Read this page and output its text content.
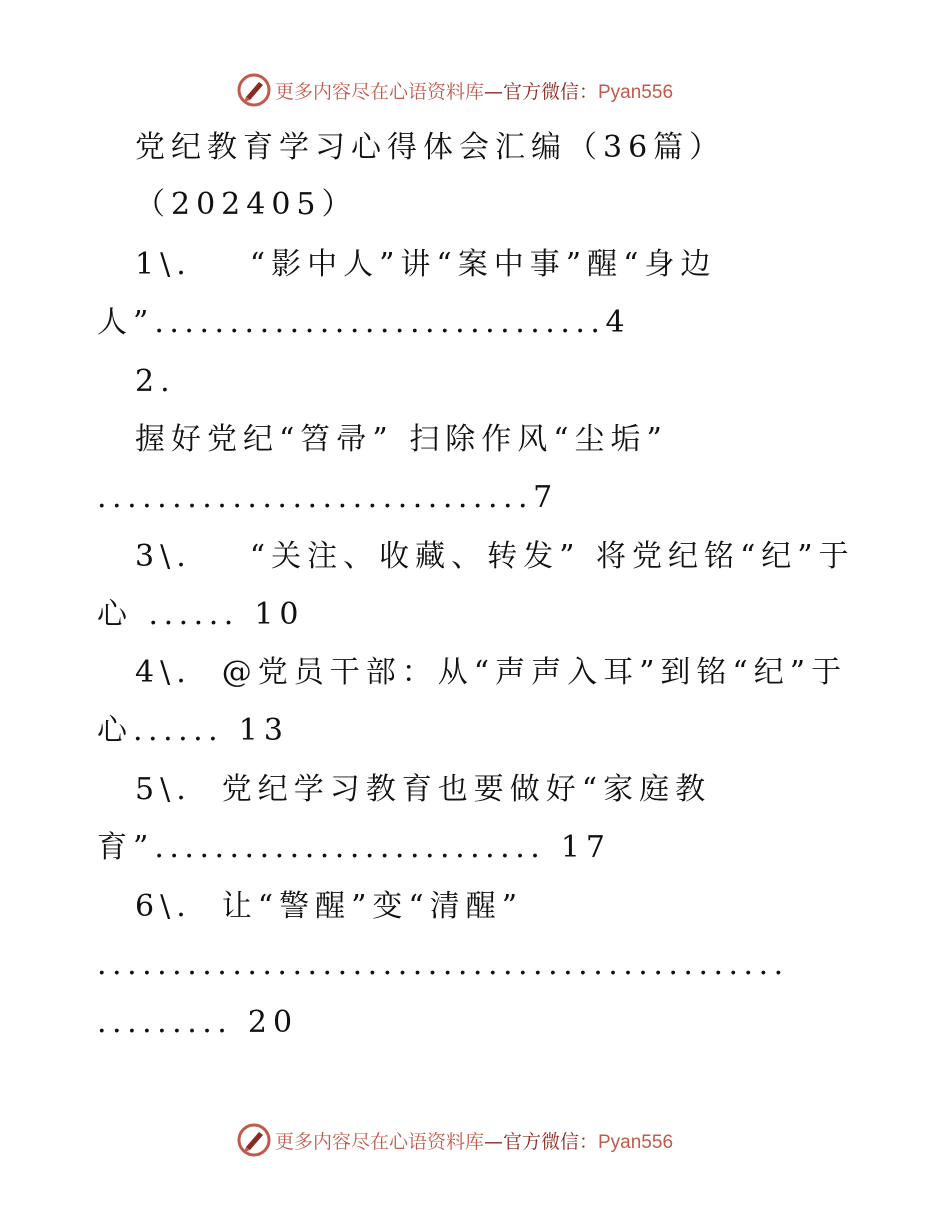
更多内容尽在心语资料库—官方微信：Pyan556
党纪教育学习心得体会汇编（36篇）
（202405）
1\. “影中人”讲“案中事”醒“身边
人”..............................4
2.
握好党纪“笤帚” 扫除作风“尘垢”
.............................7
3\. “关注、收藏、转发” 将党纪铭“纪”于
心 ...... 10
4\. @党员干部：从“声声入耳”到铭“纪”于
心...... 13
5\. 党纪学习教育也要做好“家庭教
育”.......................... 17
6\. 让“警醒”变“清醒”
..............................................
......... 20
更多内容尽在心语资料库—官方微信：Pyan556
